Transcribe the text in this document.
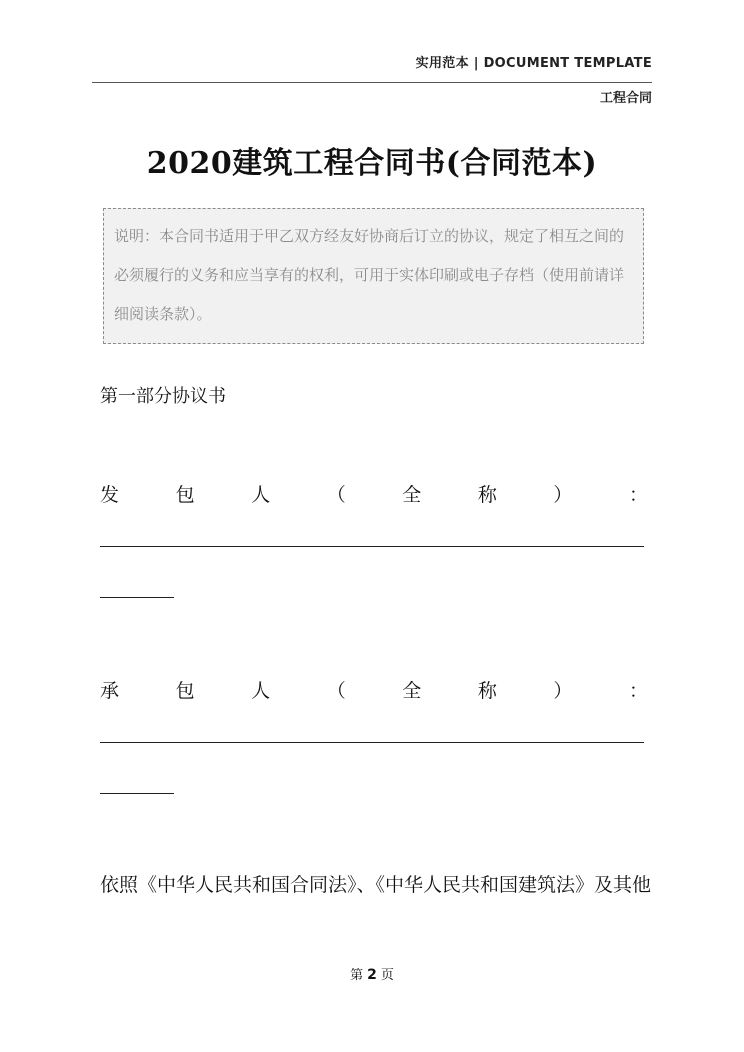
实用范本 | DOCUMENT TEMPLATE
工程合同
2020建筑工程合同书(合同范本)
说明：本合同书适用于甲乙双方经友好协商后订立的协议，规定了相互之间的必须履行的义务和应当享有的权利，可用于实体印刷或电子存档（使用前请详细阅读条款）。
第一部分协议书
发	包	人	（	全	称	）	：
承	包	人	（	全	称	）	：
依照《中华人民共和国合同法》、《中华人民共和国建筑法》及其他
第 2 页
